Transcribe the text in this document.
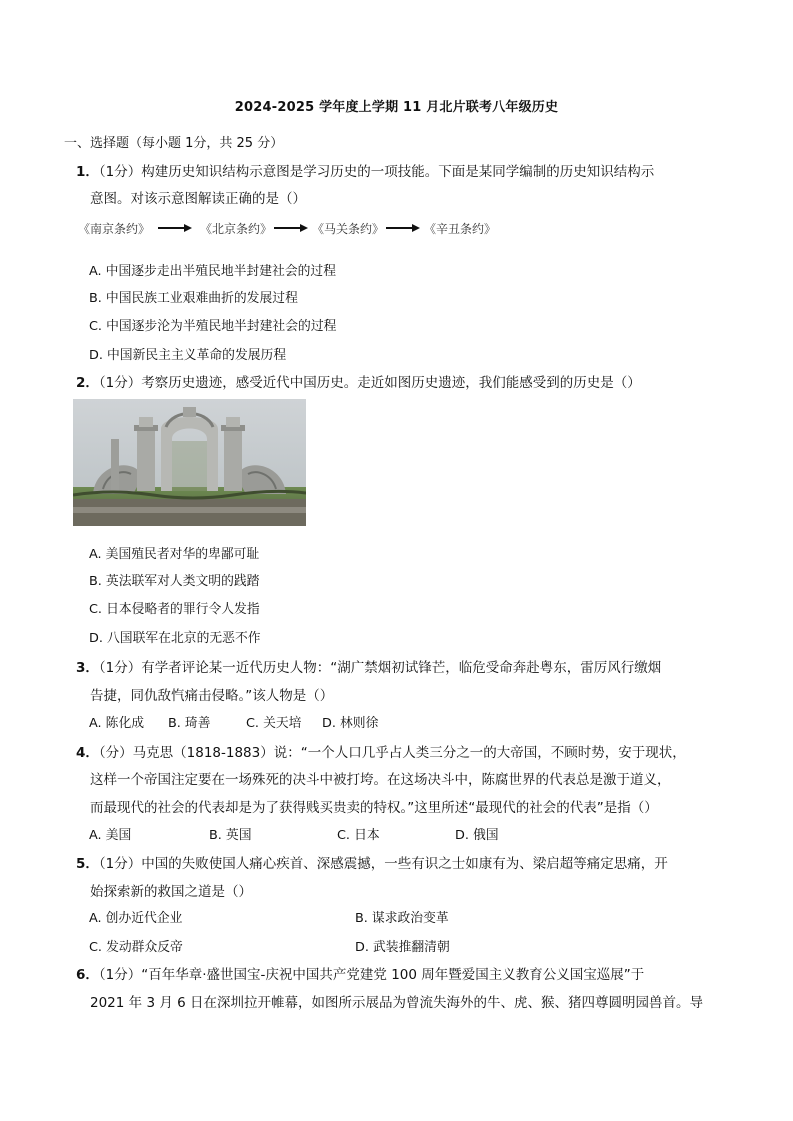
2024-2025 学年度上学期 11 月北片联考八年级历史
一、选择题（每小题 1分，共 25 分）
1．（1分）构建历史知识结构示意图是学习历史的一项技能。下面是某同学编制的历史知识结构示
意图。对该示意图解读正确的是（）
《南京条约》	《北京条约》	《马关条约》	《辛丑条约》
A. 中国逐步走出半殖民地半封建社会的过程
B. 中国民族工业艰难曲折的发展过程
C. 中国逐步沦为半殖民地半封建社会的过程
D. 中国新民主主义革命的发展历程
2．（1分）考察历史遗迹，感受近代中国历史。走近如图历史遗迹，我们能感受到的历史是（）
A. 美国殖民者对华的卑鄙可耻
B. 英法联军对人类文明的践踏
C. 日本侵略者的罪行令人发指
D. 八国联军在北京的无恶不作
3．（1分）有学者评论某一近代历史人物：“湖广禁烟初试锋芒，临危受命奔赴粤东，雷厉风行缴烟
告捷，同仇敌忾痛击侵略。”该人物是（）
A. 陈化成 B. 琦善	C. 关天培 D. 林则徐
4．（分）马克思（1818-1883）说：“一个人口几乎占人类三分之一的大帝国，不顾时势，安于现状，
这样一个帝国注定要在一场殊死的决斗中被打垮。在这场决斗中，陈腐世界的代表总是激于道义，
而最现代的社会的代表却是为了获得贱买贵卖的特权。”这里所述“最现代的社会的代表”是指（）
A. 美国	B. 英国	C. 日本	D. 俄国
5．（1分）中国的失败使国人痛心疾首、深感震撼，一些有识之士如康有为、梁启超等痛定思痛，开
始探索新的救国之道是（）
A. 创办近代企业	B. 谋求政治变革
C. 发动群众反帝	D. 武装推翻清朝
6．（1分）“百年华章·盛世国宝-庆祝中国共产党建党 100 周年暨爱国主义教育公义国宝巡展”于
2021 年 3 月 6 日在深圳拉开帷幕，如图所示展品为曾流失海外的牛、虎、猴、猪四尊圆明园兽首。导
